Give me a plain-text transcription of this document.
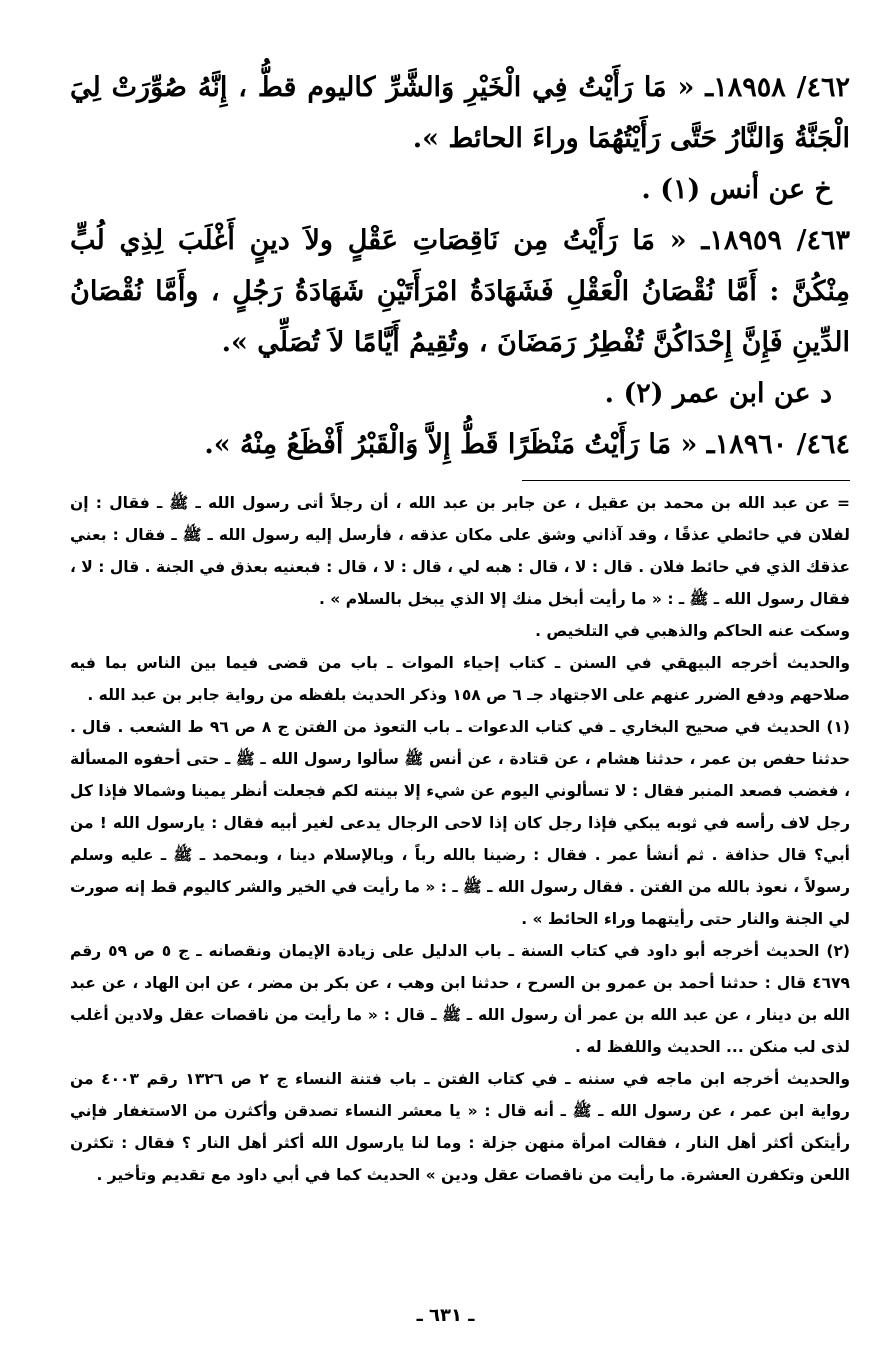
٤٦٢/ ١٨٩٥٨ـ « مَا رَأَيْتُ فِي الْخَيْرِ وَالشَّرِّ كاليوم قطُّ ، إِنَّهُ صُوِّرَتْ لِيَ الْجَنَّةُ وَالنَّارُ حَتَّى رَأَيْتُهُمَا وراءَ الحائط ».

خ عن أنس (١) .

٤٦٣/ ١٨٩٥٩ـ « مَا رَأَيْتُ مِن نَاقِصَاتِ عَقْلٍ ولاَ دينٍ أَغْلَبَ لِذِي لُبٍّ مِنْكُنَّ : أَمَّا نُقْصَانُ الْعَقْلِ فَشَهَادَةُ امْرَأَتَيْنِ شَهَادَةُ رَجُلٍ ، وأَمَّا نُقْصَانُ الدِّينِ فَإِنَّ إِحْدَاكُنَّ تُفْطِرُ رَمَضَانَ ، وتُقِيمُ أَيَّامًا لاَ تُصَلِّي ».

د عن ابن عمر (٢) .

٤٦٤/ ١٨٩٦٠ـ « مَا رَأَيْتُ مَنْظَرًا قَطُّ إِلاَّ وَالْقَبْرُ أَفْظَعُ مِنْهُ ».

= عن عبد الله بن محمد بن عقيل ، عن جابر بن عبد الله ، أن رجلاً أتى رسول الله ـ ﷺ ـ فقال : إن لفلان في حائطي عذقًا ، وقد آذاني وشق على مكان عذقه ، فأرسل إليه رسول الله ـ ﷺ ـ فقال : بعني عذقك الذي في حائط فلان . قال : لا ، قال : هبه لي ، قال : لا ، قال : فبعنيه بعذق في الجنة . قال : لا ، فقال رسول الله ـ ﷺ ـ : « ما رأيت أبخل منك إلا الذي يبخل بالسلام » .

وسكت عنه الحاكم والذهبي في التلخيص .

والحديث أخرجه البيهقي في السنن ـ كتاب إحياء الموات ـ باب من قضى فيما بين الناس بما فيه صلاحهم ودفع الضرر عنهم على الاجتهاد جـ ٦ ص ١٥٨ وذكر الحديث بلفظه من رواية جابر بن عبد الله .

(١) الحديث في صحيح البخاري ـ في كتاب الدعوات ـ باب التعوذ من الفتن ج ٨ ص ٩٦ ط الشعب . قال . حدثنا حفص بن عمر ، حدثنا هشام ، عن قتادة ، عن أنس ﷺ سألوا رسول الله ـ ﷺ ـ حتى أحفوه المسألة ، فغضب فصعد المنبر فقال : لا تسألوني اليوم عن شيء إلا بينته لكم فجعلت أنظر يمينا وشمالا فإذا كل رجل لاف رأسه في ثوبه يبكي فإذا رجل كان إذا لاحى الرجال يدعى لغير أبيه فقال : يارسول الله ! من أبي؟ قال حذافة . ثم أنشأ عمر . فقال : رضينا بالله رباً ، وبالإسلام دينا ، وبمحمد ـ ﷺ ـ عليه وسلم رسولاً ، نعوذ بالله من الفتن . فقال رسول الله ـ ﷺ ـ : « ما رأيت في الخير والشر كاليوم قط إنه صورت لي الجنة والنار حتى رأيتهما وراء الحائط » .

(٢) الحديث أخرجه أبو داود في كتاب السنة ـ باب الدليل على زيادة الإيمان ونقصانه ـ ج ٥ ص ٥٩ رقم ٤٦٧٩ قال : حدثنا أحمد بن عمرو بن السرح ، حدثنا ابن وهب ، عن بكر بن مضر ، عن ابن الهاد ، عن عبد الله بن دينار ، عن عبد الله بن عمر أن رسول الله ـ ﷺ ـ قال : « ما رأيت من ناقصات عقل ولادين أغلب لذى لب منكن ... الحديث واللفظ له .

والحديث أخرجه ابن ماجه في سننه ـ في كتاب الفتن ـ باب فتنة النساء ج ٢ ص ١٣٢٦ رقم ٤٠٠٣ من رواية ابن عمر ، عن رسول الله ـ ﷺ ـ أنه قال : « يا معشر النساء تصدقن وأكثرن من الاستغفار فإني رأيتكن أكثر أهل النار ، فقالت امرأة منهن جزلة : وما لنا يارسول الله أكثر أهل النار ؟ فقال : تكثرن اللعن وتكفرن العشرة. ما رأيت من ناقصات عقل ودين » الحديث كما في أبي داود مع تقديم وتأخير .

ـ ٦٣١ ـ
